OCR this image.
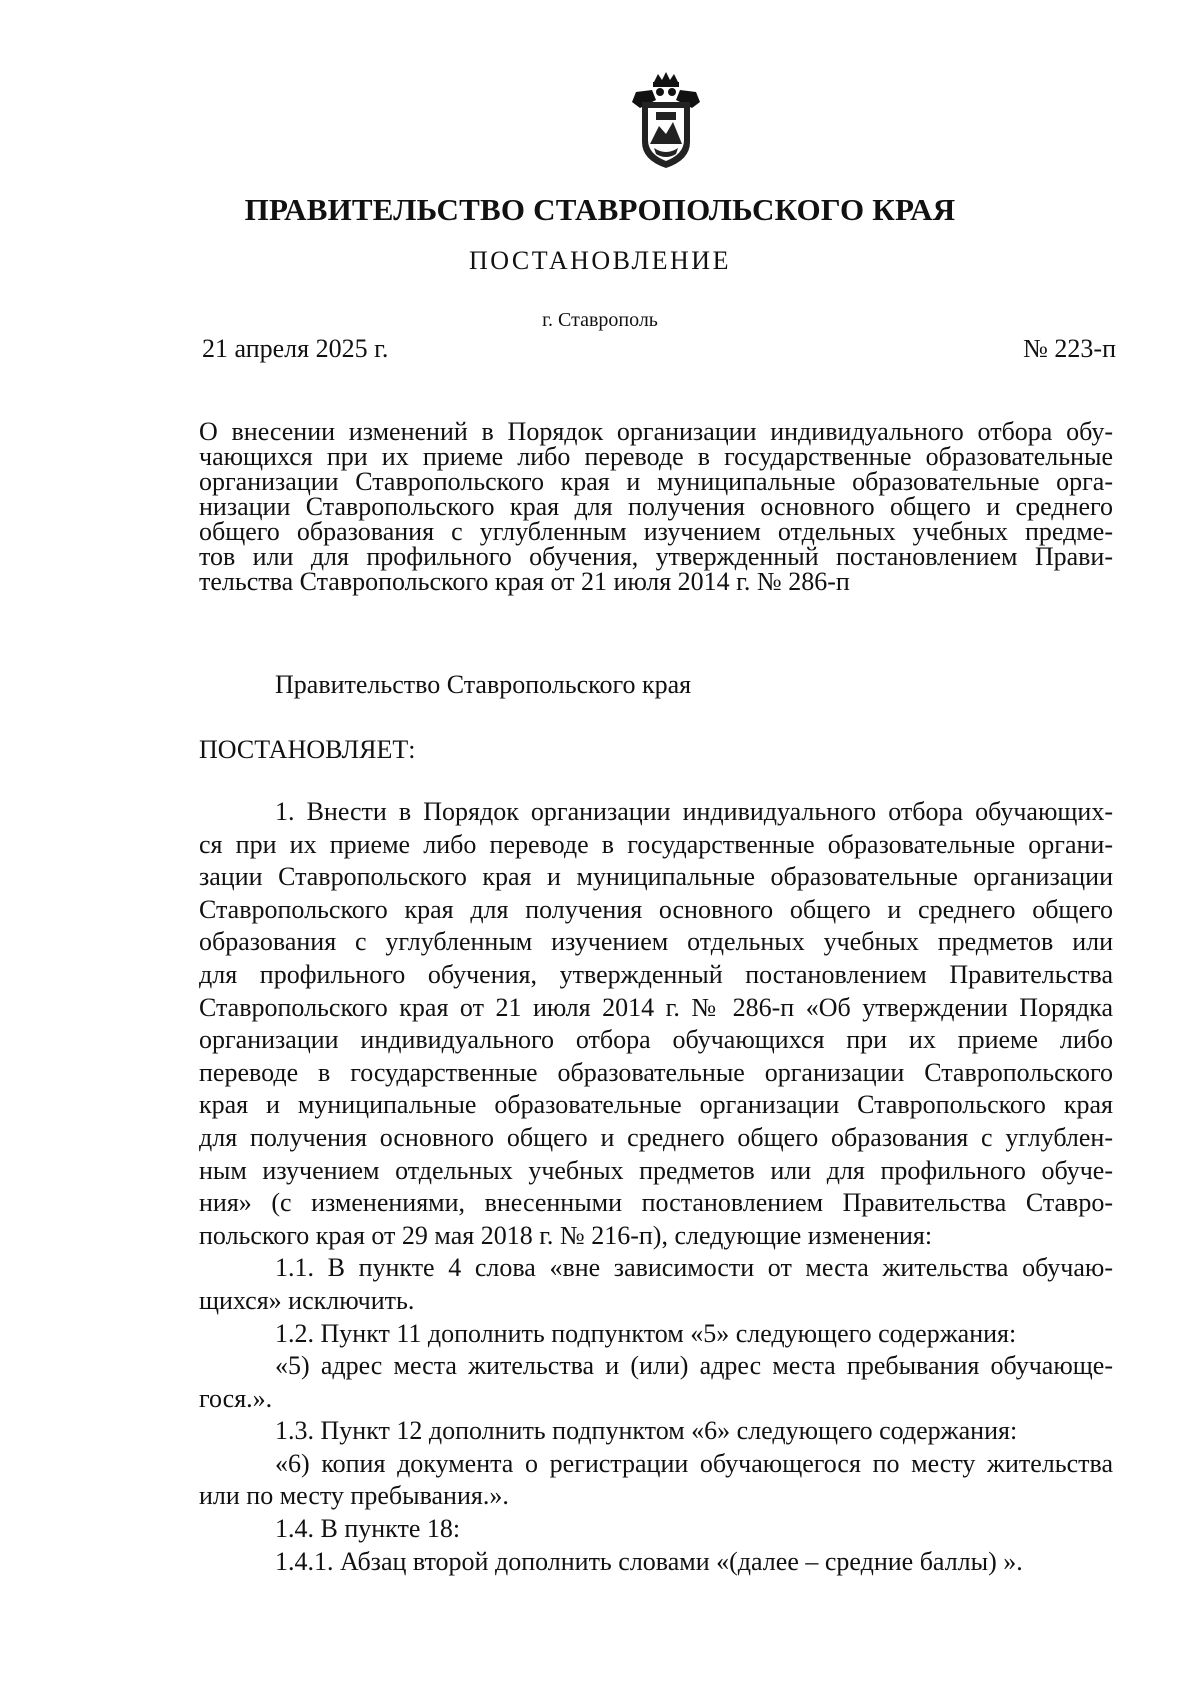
ПРАВИТЕЛЬСТВО СТАВРОПОЛЬСКОГО КРАЯ
ПОСТАНОВЛЕНИЕ
г. Ставрополь
21 апреля 2025 г.	№ 223-п
О внесении изменений в Порядок организации индивидуального отбора обу-
чающихся при их приеме либо переводе в государственные образовательные
организации Ставропольского края и муниципальные образовательные орга-
низации Ставропольского края для получения основного общего и среднего
общего образования с углубленным изучением отдельных учебных предме-
тов или для профильного обучения, утвержденный постановлением Прави-
тельства Ставропольского края от 21 июля 2014 г. № 286-п
Правительство Ставропольского края
ПОСТАНОВЛЯЕТ:
1. Внести в Порядок организации индивидуального отбора обучающих-
ся при их приеме либо переводе в государственные образовательные органи-
зации Ставропольского края и муниципальные образовательные организации
Ставропольского края для получения основного общего и среднего общего
образования с углубленным изучением отдельных учебных предметов или
для профильного обучения, утвержденный постановлением Правительства
Ставропольского края от 21 июля 2014 г. № 286-п «Об утверждении Порядка
организации индивидуального отбора обучающихся при их приеме либо
переводе в государственные образовательные организации Ставропольского
края и муниципальные образовательные организации Ставропольского края
для получения основного общего и среднего общего образования с углублен-
ным изучением отдельных учебных предметов или для профильного обуче-
ния» (с изменениями, внесенными постановлением Правительства Ставро-
польского края от 29 мая 2018 г. № 216-п), следующие изменения:
1.1. В пункте 4 слова «вне зависимости от места жительства обучаю-
щихся» исключить.
1.2. Пункт 11 дополнить подпунктом «5» следующего содержания:
«5) адрес места жительства и (или) адрес места пребывания обучающе-
гося.».
1.3. Пункт 12 дополнить подпунктом «6» следующего содержания:
«6) копия документа о регистрации обучающегося по месту жительства
или по месту пребывания.».
1.4. В пункте 18:
1.4.1. Абзац второй дополнить словами «(далее – средние баллы) ».
